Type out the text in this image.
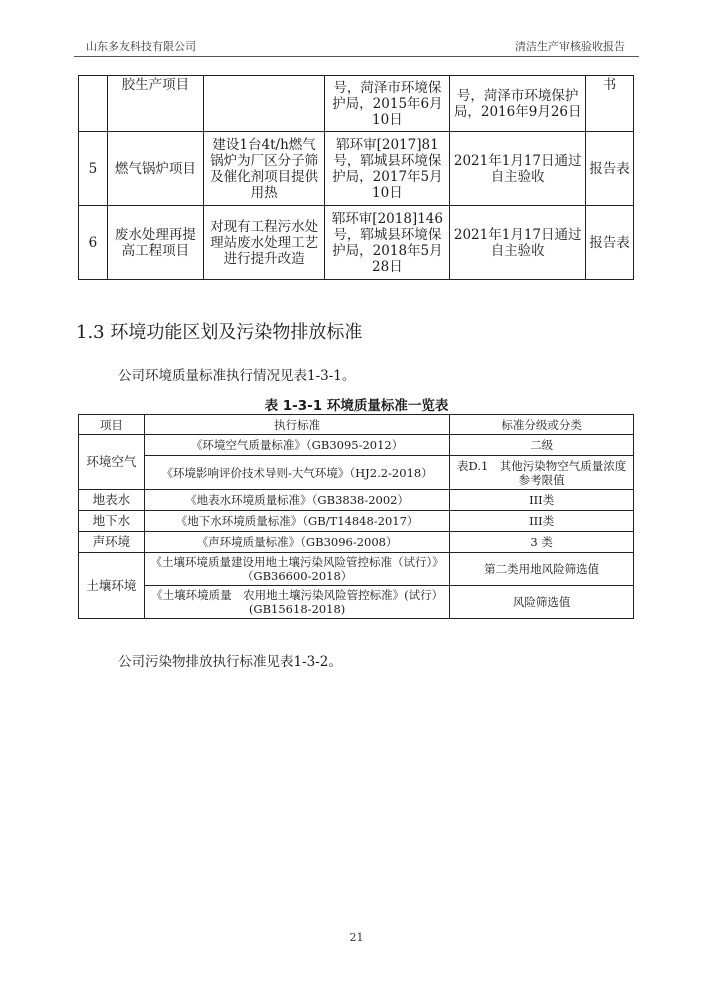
山东多友科技有限公司	清洁生产审核验收报告
	胶生产项目		号，菏泽市环境保护局，2015年6月10日	号，菏泽市环境保护局，2016年9月26日	书
5	燃气锅炉项目	建设1台4t/h燃气锅炉为厂区分子筛及催化剂项目提供用热	郓环审[2017]81号，郓城县环境保护局，2017年5月10日	2021年1月17日通过自主验收	报告表
6	废水处理再提高工程项目	对现有工程污水处理站废水处理工艺进行提升改造	郓环审[2018]146号，郓城县环境保护局，2018年5月28日	2021年1月17日通过自主验收	报告表
1.3 环境功能区划及污染物排放标准
公司环境质量标准执行情况见表1-3-1。
表 1-3-1 环境质量标准一览表
项目	执行标准	标准分级或分类
环境空气	《环境空气质量标准》（GB3095-2012）	二级
	《环境影响评价技术导则-大气环境》（HJ2.2-2018）	表D.1　其他污染物空气质量浓度参考限值
地表水	《地表水环境质量标准》（GB3838-2002）	III类
地下水	《地下水环境质量标准》（GB/T14848-2017）	III类
声环境	《声环境质量标准》（GB3096-2008）	3 类
土壤环境	《土壤环境质量建设用地土壤污染风险管控标准（试行）》（GB36600-2018）	第二类用地风险筛选值
	《土壤环境质量　农用地土壤污染风险管控标准》(试行）(GB15618-2018)	风险筛选值
公司污染物排放执行标准见表1-3-2。
21
